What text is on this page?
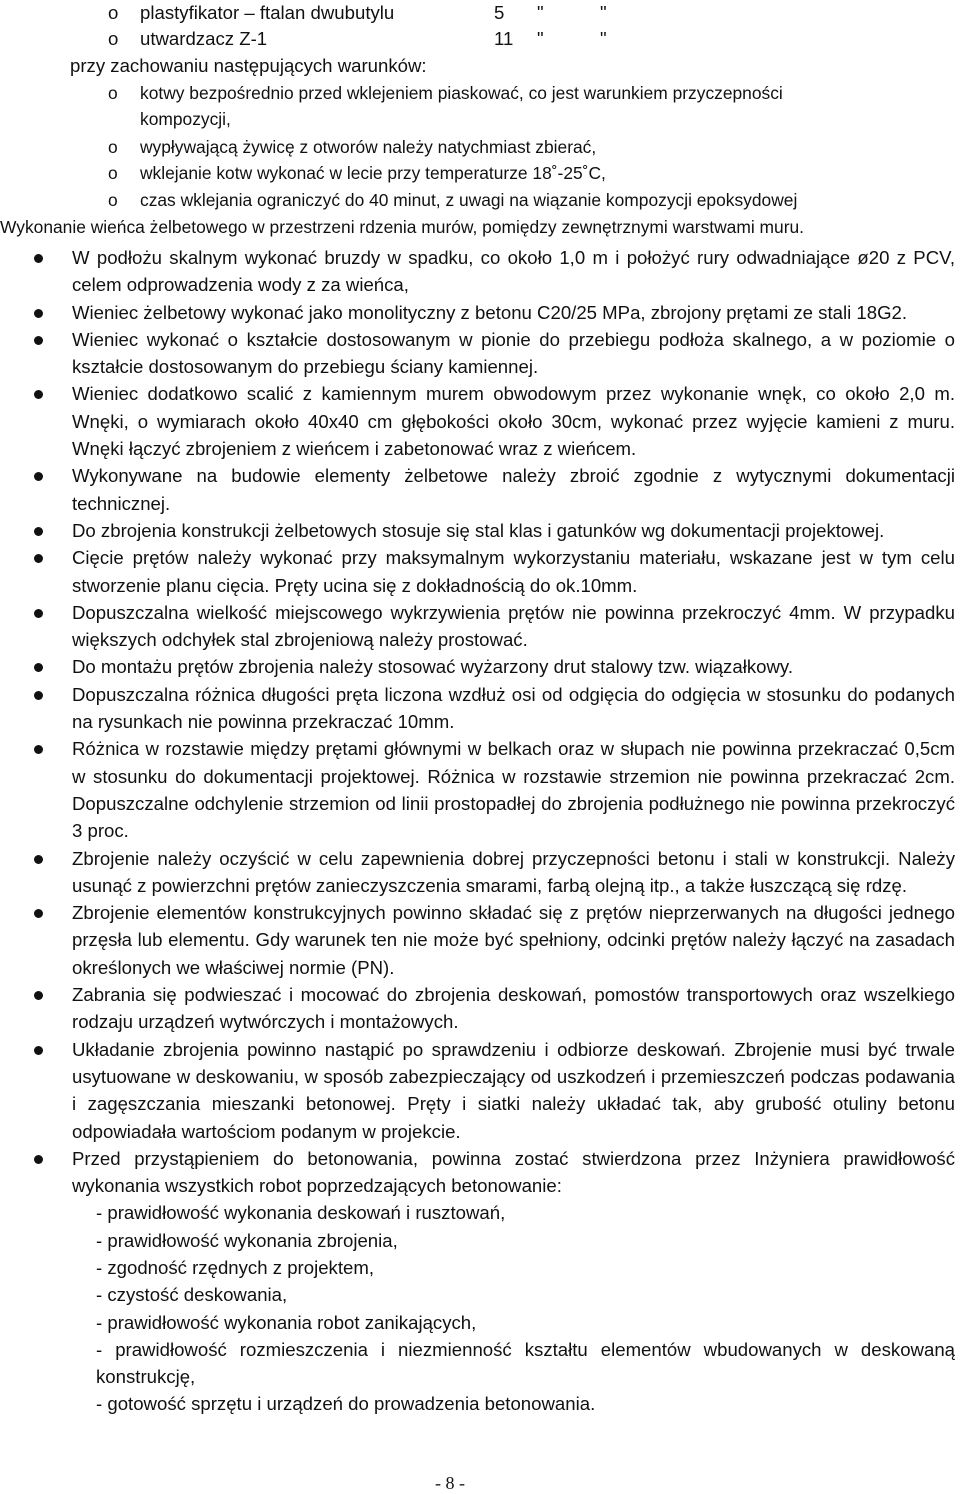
o	plastyfikator – ftalan dwubutylu	5 "	"
o	utwardzacz Z-1	11 "	"
przy zachowaniu następujących warunków:
o	kotwy bezpośrednio przed wklejeniem piaskować, co jest warunkiem przyczepności
kompozycji,
o	wypływającą żywicę z otworów należy natychmiast zbierać,
o	wklejanie kotw wykonać w lecie przy temperaturze 18˚-25˚C,
o	czas wklejania ograniczyć do 40 minut, z uwagi na wiązanie kompozycji epoksydowej
Wykonanie wieńca żelbetowego w przestrzeni rdzenia murów, pomiędzy zewnętrznymi warstwami muru.

W podłożu skalnym wykonać bruzdy w spadku, co około 1,0 m i położyć rury odwadniające ø20 z PCV, celem odprowadzenia wody z za wieńca,

Wieniec żelbetowy wykonać jako monolityczny z betonu C20/25 MPa, zbrojony prętami ze stali 18G2.

Wieniec wykonać o kształcie dostosowanym w pionie do przebiegu podłoża skalnego, a w poziomie o kształcie dostosowanym do przebiegu ściany kamiennej.

Wieniec dodatkowo scalić z kamiennym murem obwodowym przez wykonanie wnęk, co około 2,0 m. Wnęki, o wymiarach około 40x40 cm głębokości około 30cm, wykonać przez wyjęcie kamieni z muru. Wnęki łączyć zbrojeniem z wieńcem i zabetonować wraz z wieńcem.

Wykonywane na budowie elementy żelbetowe należy zbroić zgodnie z wytycznymi dokumentacji technicznej.

Do zbrojenia konstrukcji żelbetowych stosuje się stal klas i gatunków wg dokumentacji projektowej.

Cięcie prętów należy wykonać przy maksymalnym wykorzystaniu materiału, wskazane jest w tym celu stworzenie planu cięcia. Pręty ucina się z dokładnością do ok.10mm.

Dopuszczalna wielkość miejscowego wykrzywienia prętów nie powinna przekroczyć 4mm. W przypadku większych odchyłek stal zbrojeniową należy prostować.

Do montażu prętów zbrojenia należy stosować wyżarzony drut stalowy tzw. wiązałkowy.

Dopuszczalna różnica długości pręta liczona wzdłuż osi od odgięcia do odgięcia w stosunku do podanych na rysunkach nie powinna przekraczać 10mm.

Różnica w rozstawie między prętami głównymi w belkach oraz w słupach nie powinna przekraczać 0,5cm w stosunku do dokumentacji projektowej. Różnica w rozstawie strzemion nie powinna przekraczać 2cm. Dopuszczalne odchylenie strzemion od linii prostopadłej do zbrojenia podłużnego nie powinna przekroczyć 3 proc.

Zbrojenie należy oczyścić w celu zapewnienia dobrej przyczepności betonu i stali w konstrukcji. Należy usunąć z powierzchni prętów zanieczyszczenia smarami, farbą olejną itp., a także łuszczącą się rdzę.

Zbrojenie elementów konstrukcyjnych powinno składać się z prętów nieprzerwanych na długości jednego przęsła lub elementu. Gdy warunek ten nie może być spełniony, odcinki prętów należy łączyć na zasadach określonych we właściwej normie (PN).

Zabrania się podwieszać i mocować do zbrojenia deskowań, pomostów transportowych oraz wszelkiego rodzaju urządzeń wytwórczych i montażowych.

Układanie zbrojenia powinno nastąpić po sprawdzeniu i odbiorze deskowań. Zbrojenie musi być trwale usytuowane w deskowaniu, w sposób zabezpieczający od uszkodzeń i przemieszczeń podczas podawania i zagęszczania mieszanki betonowej. Pręty i siatki należy układać tak, aby grubość otuliny betonu odpowiadała wartościom podanym w projekcie.

Przed przystąpieniem do betonowania, powinna zostać stwierdzona przez Inżyniera prawidłowość wykonania wszystkich robot poprzedzających betonowanie:

- prawidłowość wykonania deskowań i rusztowań,
- prawidłowość wykonania zbrojenia,
- zgodność rzędnych z projektem,
- czystość deskowania,
- prawidłowość wykonania robot zanikających,
- prawidłowość rozmieszczenia i niezmienność kształtu elementów wbudowanych w deskowaną konstrukcję,
- gotowość sprzętu i urządzeń do prowadzenia betonowania.
- 8 -
